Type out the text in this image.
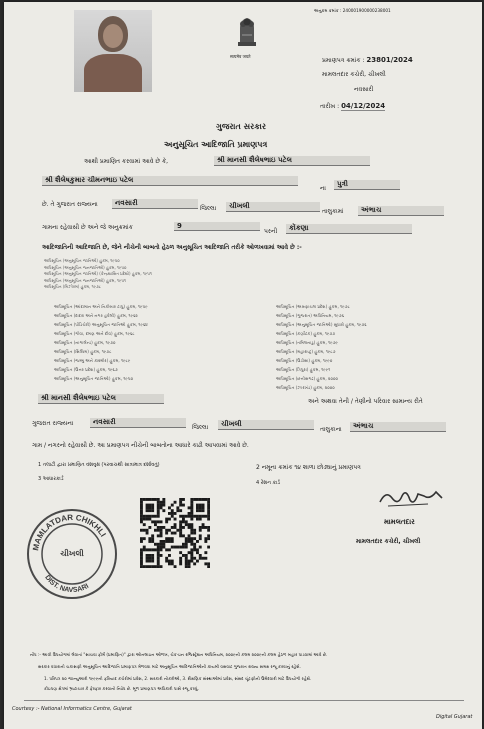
અનુક્રમ ક્રમાંક : 240001900000238001
सत्यमेव जयते
પ્રમાણપત્ર ક્રમાંક : 23801/2024
મામલતદાર કચેરી, ચીખલી
નવસારી
તારીખ : 04/12/2024
ગુજરાત સરકાર
અનુસૂચિત આદિજાતિ પ્રમાણપત્ર
આથી પ્રમાણિત કરવામાં આવે છે કે,	શ્રી માનસી શૈલેષભાઇ પટેલ
શ્રી શૈલેષકુમાર ચીમનભાઇ પટેલ
ના
પુત્રી
છે. તે ગુજરાત રાજ્યના	નવસારી
જિલ્લા	ચીખલી
તાલુકામાં	અંભાચ
ગામના રહેવાસી છે અને જે અનુક્રમાંક	9
પરની	કોંકણા
આદિજાતિની આદિજાતિ છે, જેને નીચેની બાબતો હેઠળ અનુસૂચિત આદિજાતિ તરીકે ઓળખવામાં આવે છે :-
અધિસૂચિત (અનુસૂચિત જાતિઓ) હુકમ, ૧૯૫૦
અધિસૂચિત (અનુસૂચિત જનજાતિઓ) હુકમ, ૧૯૫૦
અધિસૂચિત (અનુસૂચિત જાતિઓ) (કેન્દ્રશાસિત પ્રદેશો) હુકમ, ૧૯૫૧
અધિસૂચિત (અનુસૂચિત જનજાતિઓ) હુકમ, ૧૯૫૧
અધિસૂચિત (મિઝોરમ) હુકમ, ૧૯૭૮
અધિસૂચિત (આંદામાન અને નિકોબાર ટાપુ) હુકમ, ૧૯૫૯
અધિસૂચિત (દાદરા અને નગર હવેલી) હુકમ, ૧૯૬૨
અધિસૂચિત (પોંડિચેરી) અનુસૂચિત જાતિઓ હુકમ, ૧૯૬૪
અધિસૂચિત (ગોવા, દમણ અને દીવ) હુકમ, ૧૯૬૮
અધિસૂચિત (નાગાલેન્ડ) હુકમ, ૧૯૭૦
અધિસૂચિત (સિક્કિમ) હુકમ, ૧૯૭૮
અધિસૂચિત (જમ્મુ અને કાશ્મીર) હુકમ, ૧૯૮૯
અધિસૂચિત (ઉત્તર પ્રદેશ) હુકમ, ૧૯૬૭
અધિસૂચિત (અનુસૂચિત જાતિઓ) હુકમ, ૧૯૫૦
અધિસૂચિત (અરુણાચલ પ્રદેશ) હુકમ, ૧૯૭૮
અધિસૂચિત (ગુજરાત) અધિનિયમ, ૧૯૭૬
અધિસૂચિત (અનુસૂચિત જાતિઓ) સુધારો હુકમ, ૧૯૭૬
અધિસૂચિત (કર્ણાટક) હુકમ, ૧૯૭૭
અધિસૂચિત (તમિલનાડુ) હુકમ, ૧૯૭૯
અધિસૂચિત (મહારાષ્ટ્ર) હુકમ, ૧૯૮૭
અધિસૂચિત (ઉડીસા) હુકમ, ૧૯૯૦
અધિસૂચિત (ત્રિપુરા) હુકમ, ૧૯૯૧
અધિસૂચિત (છત્તીસગઢ) હુકમ, ૨૦૦૦
અધિસૂચિત (ઝારખંડ) હુકમ, ૨૦૦૦
શ્રી માનસી શૈલેષભાઇ પટેલ	અને અથવા તેની / તેણીનો પરિવાર સામાન્ય રીતે
ગુજરાત રાજ્યના	નવસારી
જિલ્લા	ચીખલી
તાલુકાના	અંભાચ
ગામ / નગરનો રહેવાસી છે. આ પ્રમાણપત્ર નીચેની બાબતોના આધારે કાઢી આપવામાં આવે છે.
1 તલાટી દ્વારા પ્રમાણિત વંશવૃક્ષ (પરવાચથી સાત્રામાત્ર દર્શાવતું)	2 નમૂના ક્રમાંક ૧૪ શાળા છોડ્યાનું પ્રમાણપત્ર
3 આધારકાર્ડ
4 રેશન કાર્ડ
MAMLATDAR CHIKHLI
DIST. NAVSARI
ચીખલી
મામલતદાર
મામલતદાર કચેરી, ચીખલી
નોંધ :- આવી ઉપયોગમાં લેવાતાં "સાચવા ફોર્મ (પ્રમાણિત)" દ્વારા ઓનલાઇન ઓળખ, ચેક-ઇન રજિસ્ટ્રેશન અધિનિયમ, ૨૦૦૯ની કલમ ૨૦૦૯ની કલમ હેઠળ બહાર પાડવામાં આવે છે.
સરકાર વધારાની ચકાસણી અનુસૂચિત આદિજાતિ પ્રમાણપત્ર મેળવવા માટે અનુસૂચિત આદિજાતિઓની કાયમી વસવાટ ગુજરાત રાજ્ય સમક્ષ રજૂ કરવાનું રહેશે.
1. પરિપત્ર ૨૦ જાન્યુઆરી ૧૯૯૯ની ફરિયાદ કચેરીમાં પ્રવેશ, 2. સરકારી નોકરીઓ, 3. શૈક્ષણિક સંસ્થાઓમાં પ્રવેશ, સંસદ ચૂંટણીની ઉમેદવારી માટે ઉપયોગી રહેશે.
કોઇપણ ક્ષેત્રમાં ભ્રષ્ટાચાર કે ફેરફાર કરવાનો નિષેધ છે. મૂળ પ્રમાણપત્ર અધિકારી પાસે રજૂ કરવું.
Courtesy :- National Informatics Centre, Gujarat
Digital Gujarat
